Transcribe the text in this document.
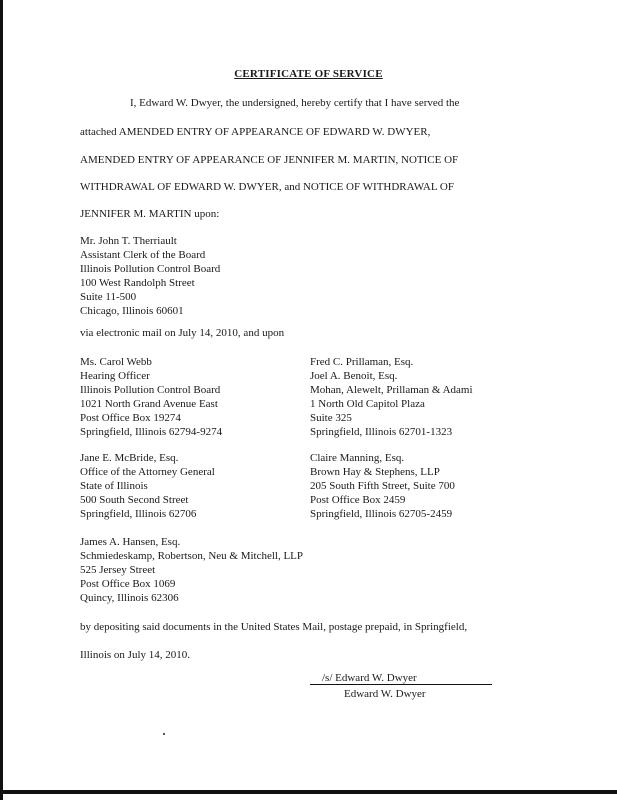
CERTIFICATE OF SERVICE
I, Edward W. Dwyer, the undersigned, hereby certify that I have served the
attached AMENDED ENTRY OF APPEARANCE OF EDWARD W. DWYER,
AMENDED ENTRY OF APPEARANCE OF JENNIFER M. MARTIN, NOTICE OF
WITHDRAWAL OF EDWARD W. DWYER, and NOTICE OF WITHDRAWAL OF
JENNIFER M. MARTIN upon:
Mr. John T. Therriault
Assistant Clerk of the Board
Illinois Pollution Control Board
100 West Randolph Street
Suite 11-500
Chicago, Illinois 60601
via electronic mail on July 14, 2010, and upon
Ms. Carol Webb
Hearing Officer
Illinois Pollution Control Board
1021 North Grand Avenue East
Post Office Box 19274
Springfield, Illinois 62794-9274
Fred C. Prillaman, Esq.
Joel A. Benoit, Esq.
Mohan, Alewelt, Prillaman & Adami
1 North Old Capitol Plaza
Suite 325
Springfield, Illinois 62701-1323
Jane E. McBride, Esq.
Office of the Attorney General
State of Illinois
500 South Second Street
Springfield, Illinois 62706
Claire Manning, Esq.
Brown Hay & Stephens, LLP
205 South Fifth Street, Suite 700
Post Office Box 2459
Springfield, Illinois 62705-2459
James A. Hansen, Esq.
Schmiedeskamp, Robertson, Neu & Mitchell, LLP
525 Jersey Street
Post Office Box 1069
Quincy, Illinois 62306
by depositing said documents in the United States Mail, postage prepaid, in Springfield,
Illinois on July 14, 2010.
/s/ Edward W. Dwyer
Edward W. Dwyer
